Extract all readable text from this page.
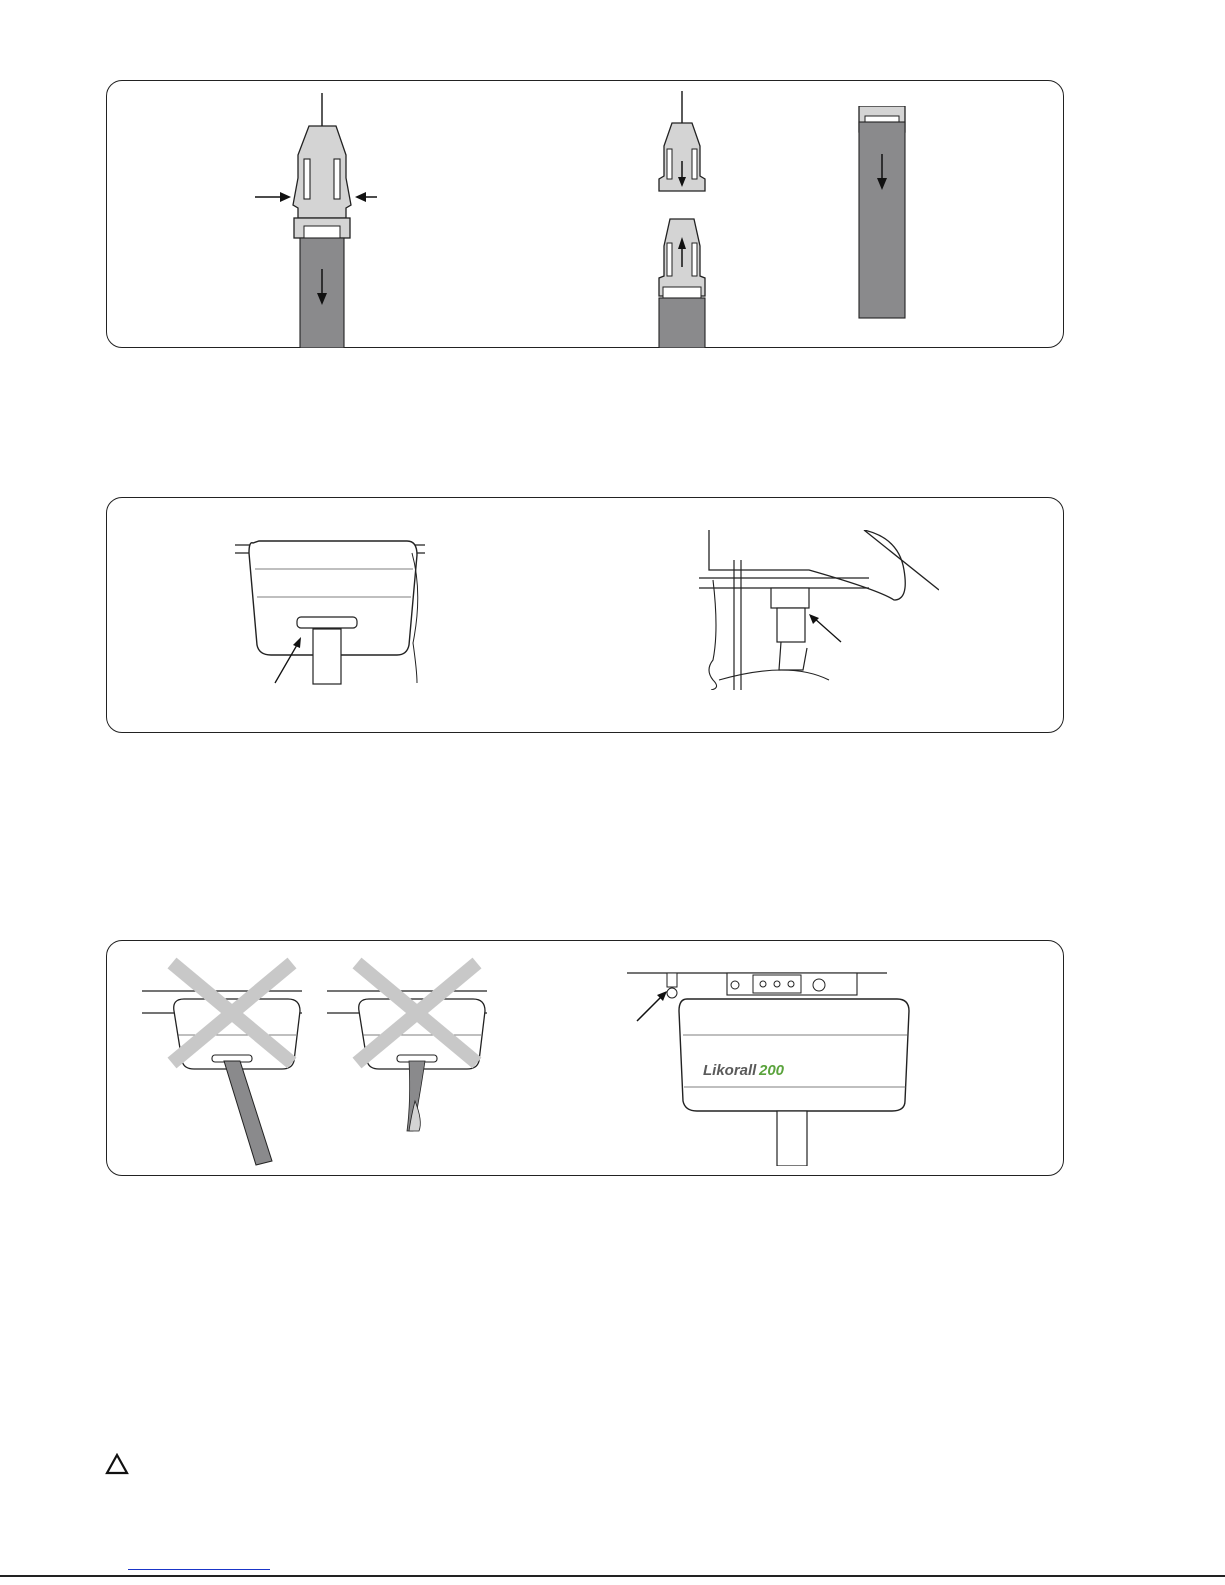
Likorall 200
